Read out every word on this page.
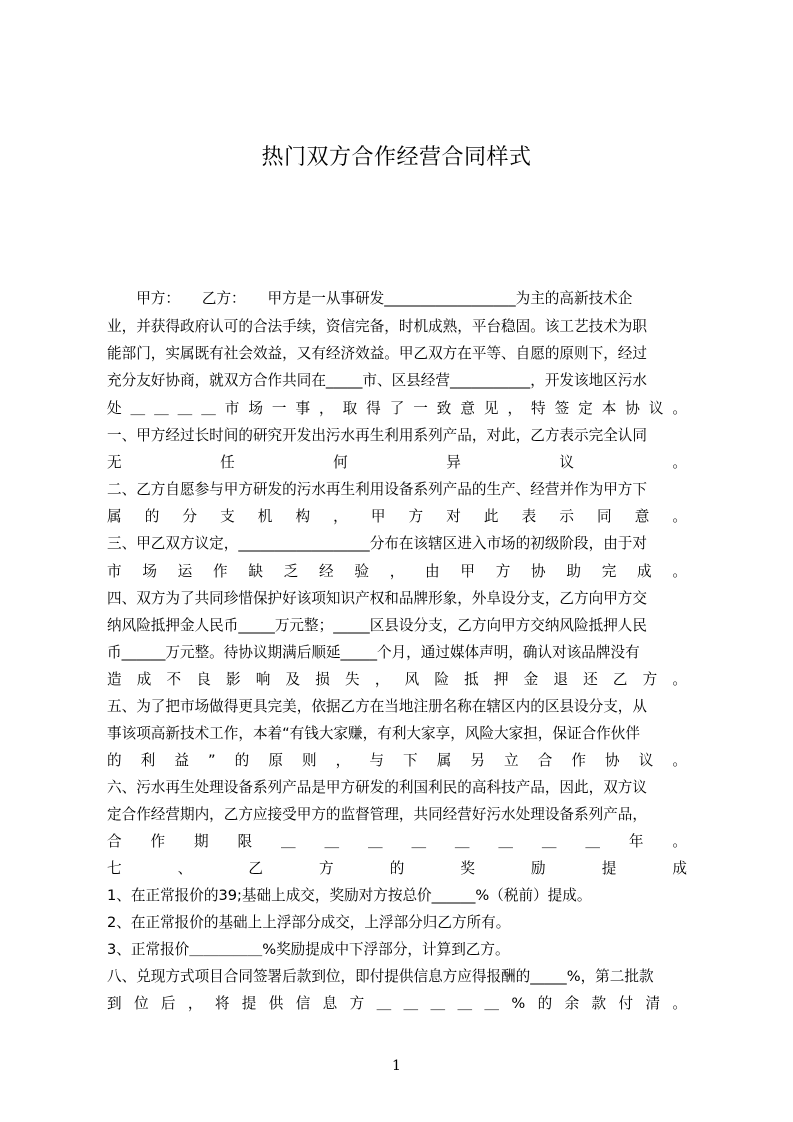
热门双方合作经营合同样式
　　甲方：　　乙方：　　甲方是一从事研发__________________为主的高新技术企
业，并获得政府认可的合法手续，资信完备，时机成熟，平台稳固。该工艺技术为职
能部门，实属既有社会效益，又有经济效益。甲乙双方在平等、自愿的原则下，经过
充分友好协商，就双方合作共同在_____市、区县经营___________，开发该地区污水
处＿＿＿＿市场一事，取得了一致意见，特签定本协议。
一、甲方经过长时间的研究开发出污水再生利用系列产品，对此，乙方表示完全认同
无任何异议。
二、乙方自愿参与甲方研发的污水再生利用设备系列产品的生产、经营并作为甲方下
属的分支机构，甲方对此表示同意。
三、甲乙双方议定，__________________分布在该辖区进入市场的初级阶段，由于对
市场运作缺乏经验，由甲方协助完成。
四、双方为了共同珍惜保护好该项知识产权和品牌形象，外阜设分支，乙方向甲方交
纳风险抵押金人民币_____万元整；_____区县设分支，乙方向甲方交纳风险抵押人民
币______万元整。待协议期满后顺延_____个月，通过媒体声明，确认对该品牌没有
造成不良影响及损失，风险抵押金退还乙方。
五、为了把市场做得更具完美，依据乙方在当地注册名称在辖区内的区县设分支，从
事该项高新技术工作，本着“有钱大家赚，有利大家享，风险大家担，保证合作伙伴
的利益”的原则，与下属另立合作协议。
六、污水再生处理设备系列产品是甲方研发的利国利民的高科技产品，因此，双方议
定合作经营期内，乙方应接受甲方的监督管理，共同经营好污水处理设备系列产品，
合作期限＿＿＿＿＿＿＿＿年。
七、乙方的奖励提成
1、在正常报价的39;基础上成交，奖励对方按总价______%（税前）提成。
2、在正常报价的基础上上浮部分成交，上浮部分归乙方所有。
3、正常报价＿＿＿＿＿%奖励提成中下浮部分，计算到乙方。
八、兑现方式项目合同签署后款到位，即付提供信息方应得报酬的_____%，第二批款
到位后，将提供信息方＿＿＿＿＿%的余款付清。
1
